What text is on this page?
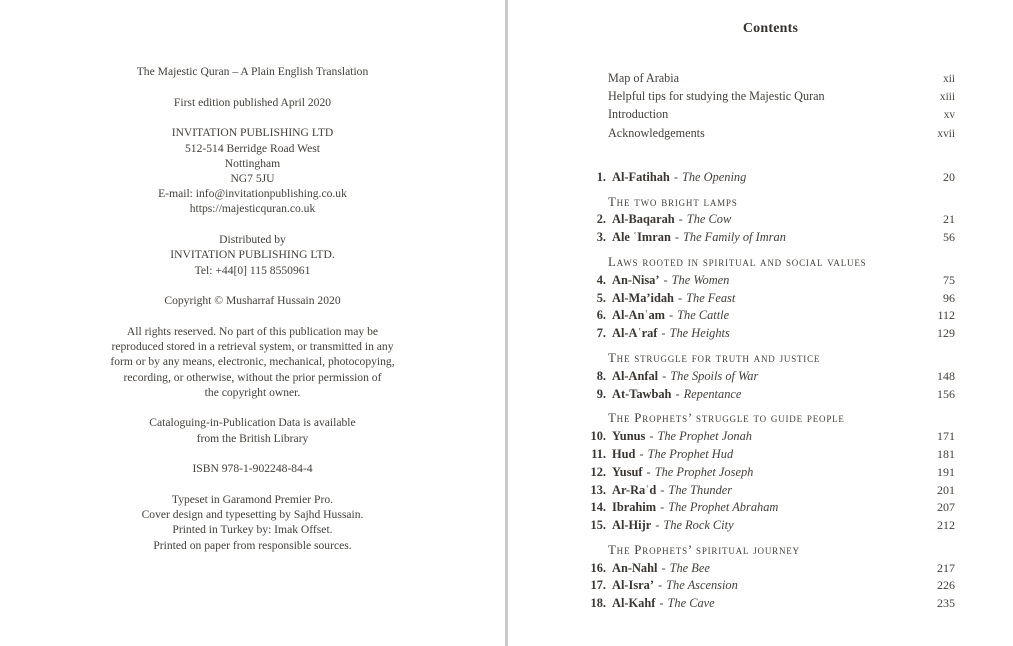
The Majestic Quran – A Plain English Translation
First edition published April 2020
INVITATION PUBLISHING LTD
512-514 Berridge Road West
Nottingham
NG7 5JU
E-mail: info@invitationpublishing.co.uk
https://majesticquran.co.uk
Distributed by
INVITATION PUBLISHING LTD.
Tel: +44[0] 115 8550961
Copyright © Musharraf Hussain 2020
All rights reserved. No part of this publication may be
reproduced stored in a retrieval system, or transmitted in any
form or by any means, electronic, mechanical, photocopying,
recording, or otherwise, without the prior permission of
the copyright owner.
Cataloguing-in-Publication Data is available
from the British Library
ISBN 978-1-902248-84-4
Typeset in Garamond Premier Pro.
Cover design and typesetting by Sajhd Hussain.
Printed in Turkey by: Imak Offset.
Printed on paper from responsible sources.
Contents
Map of Arabia	xii
Helpful tips for studying the Majestic Quran	xiii
Introduction	xv
Acknowledgements	xvii
1. Al-Fatihah - The Opening	20
The two bright lamps
2. Al-Baqarah - The Cow	21
3. Ale ʿImran - The Family of Imran	56
Laws rooted in spiritual and social values
4. An-Nisa’ - The Women	75
5. Al-Ma’idah - The Feast	96
6. Al-Anʿam - The Cattle	112
7. Al-Aʿraf - The Heights	129
The struggle for truth and justice
8. Al-Anfal - The Spoils of War	148
9. At-Tawbah - Repentance	156
The Prophets’ struggle to guide people
10. Yunus - The Prophet Jonah	171
11. Hud - The Prophet Hud	181
12. Yusuf - The Prophet Joseph	191
13. Ar-Raʿd - The Thunder	201
14. Ibrahim - The Prophet Abraham	207
15. Al-Hijr - The Rock City	212
The Prophets’ spiritual journey
16. An-Nahl - The Bee	217
17. Al-Isra’ - The Ascension	226
18. Al-Kahf - The Cave	235
